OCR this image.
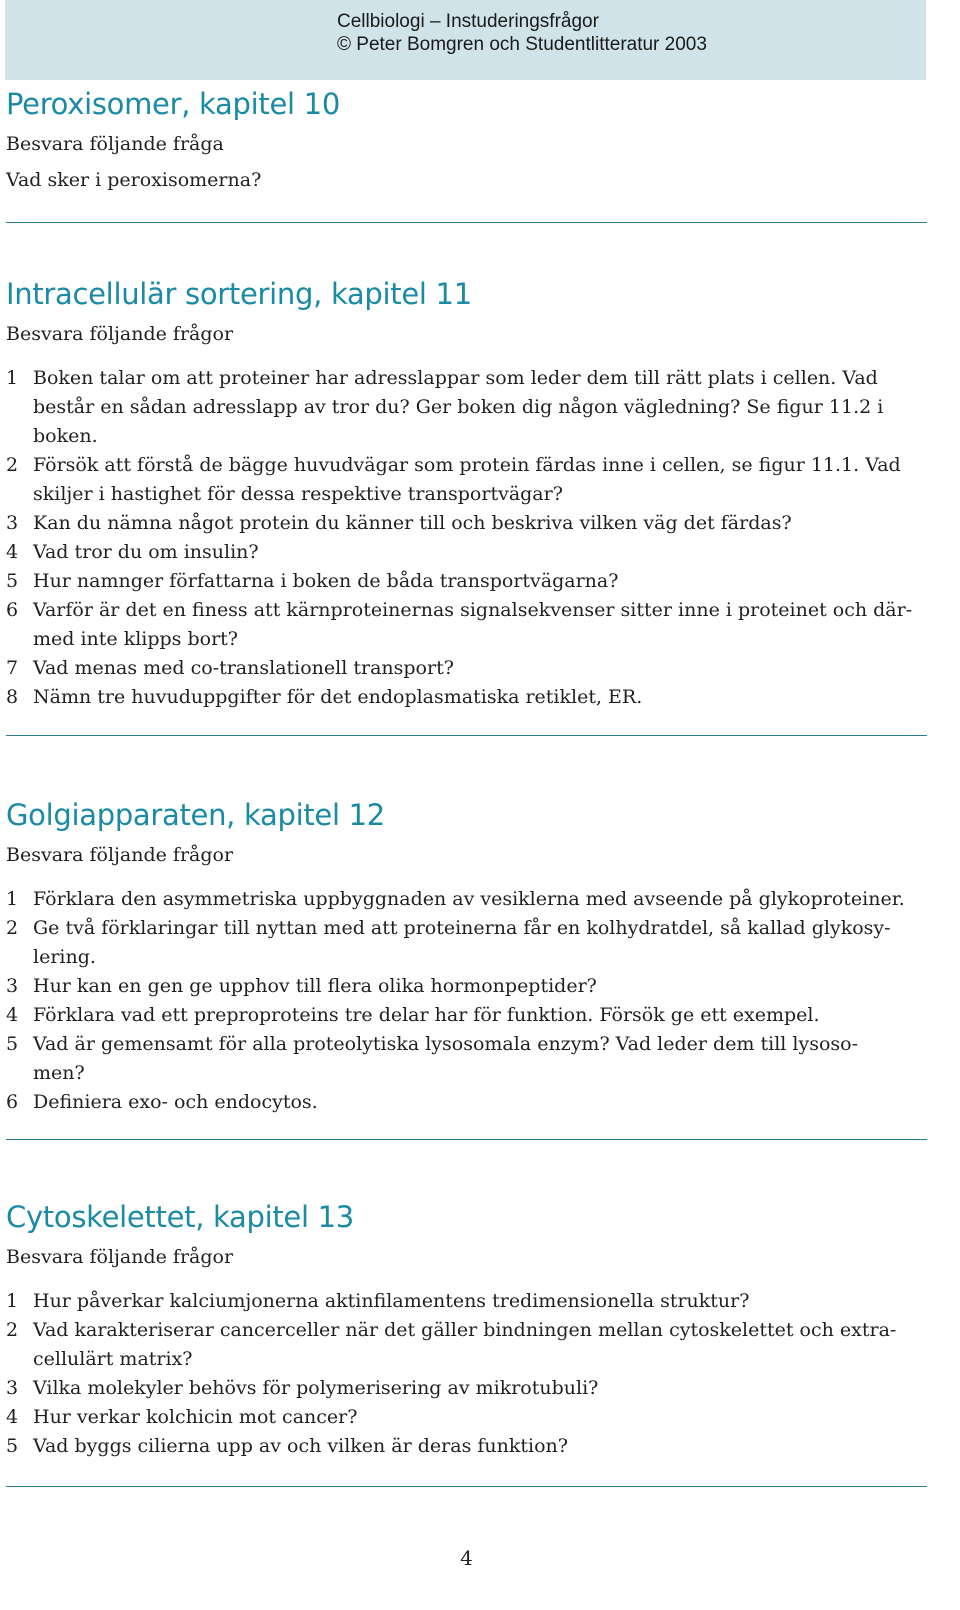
Cellbiologi – Instuderingsfrågor
© Peter Bomgren och Studentlitteratur 2003
Peroxisomer, kapitel 10
Besvara följande fråga
Vad sker i peroxisomerna?
Intracellulär sortering, kapitel 11
Besvara följande frågor
1 Boken talar om att proteiner har adresslappar som leder dem till rätt plats i cellen. Vad
består en sådan adresslapp av tror du? Ger boken dig någon vägledning? Se figur 11.2 i
boken.
2 Försök att förstå de bägge huvudvägar som protein färdas inne i cellen, se figur 11.1. Vad
skiljer i hastighet för dessa respektive transportvägar?
3 Kan du nämna något protein du känner till och beskriva vilken väg det färdas?
4 Vad tror du om insulin?
5 Hur namnger författarna i boken de båda transportvägarna?
6 Varför är det en finess att kärnproteinernas signalsekvenser sitter inne i proteinet och där-
med inte klipps bort?
7 Vad menas med co-translationell transport?
8 Nämn tre huvuduppgifter för det endoplasmatiska retiklet, ER.
Golgiapparaten, kapitel 12
Besvara följande frågor
1 Förklara den asymmetriska uppbyggnaden av vesiklerna med avseende på glykoproteiner.
2 Ge två förklaringar till nyttan med att proteinerna får en kolhydratdel, så kallad glykosy-
lering.
3 Hur kan en gen ge upphov till flera olika hormonpeptider?
4 Förklara vad ett preproproteins tre delar har för funktion. Försök ge ett exempel.
5 Vad är gemensamt för alla proteolytiska lysosomala enzym? Vad leder dem till lysoso-
men?
6 Definiera exo- och endocytos.
Cytoskelettet, kapitel 13
Besvara följande frågor
1 Hur påverkar kalciumjonerna aktinfilamentens tredimensionella struktur?
2 Vad karakteriserar cancerceller när det gäller bindningen mellan cytoskelettet och extra-
cellulärt matrix?
3 Vilka molekyler behövs för polymerisering av mikrotubuli?
4 Hur verkar kolchicin mot cancer?
5 Vad byggs cilierna upp av och vilken är deras funktion?
4
